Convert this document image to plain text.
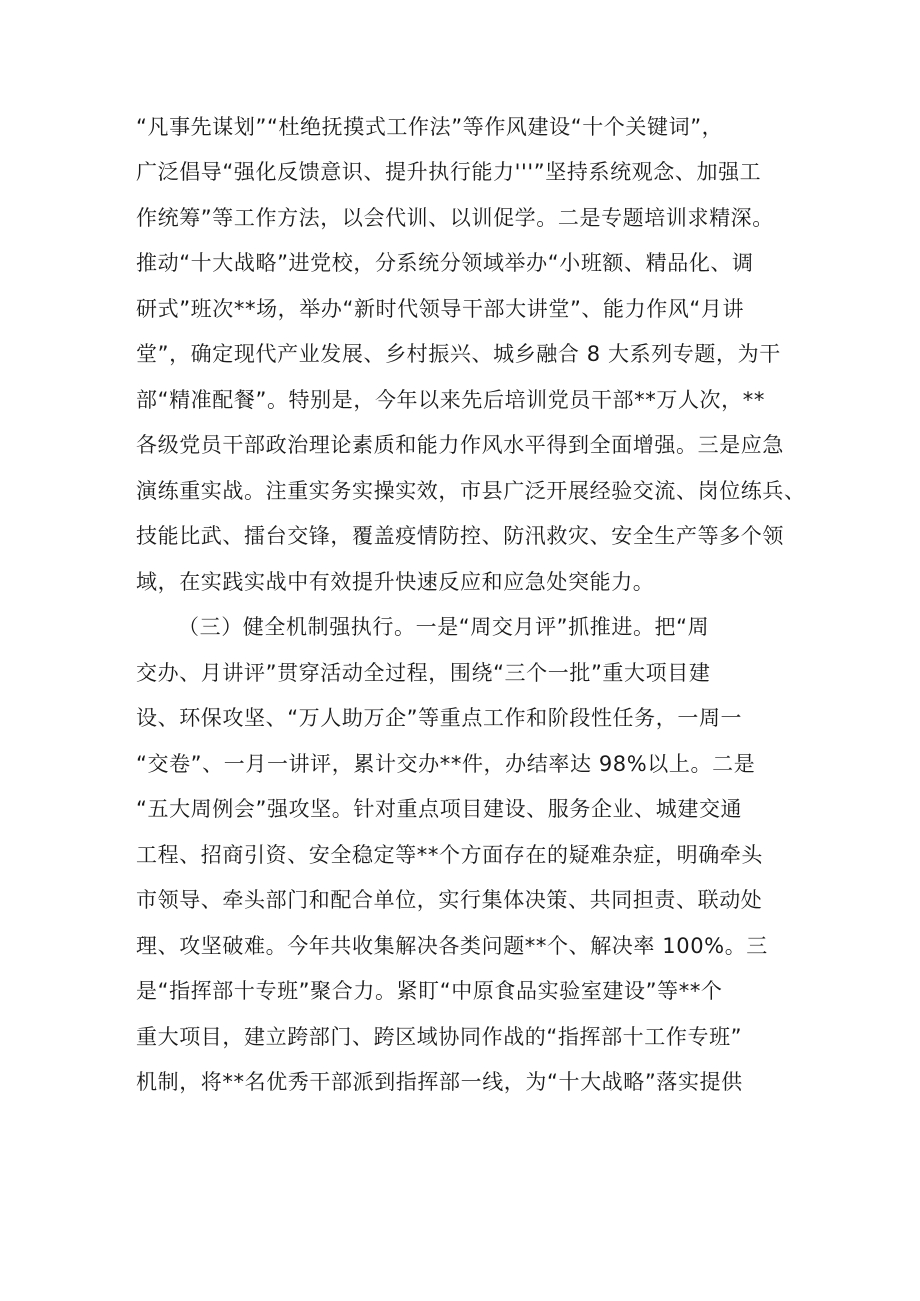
“凡事先谋划”“杜绝抚摸式工作法”等作风建设“十个关键词”，
广泛倡导“强化反馈意识、提升执行能力'''”坚持系统观念、加强工
作统筹”等工作方法，以会代训、以训促学。二是专题培训求精深。
推动“十大战略”进党校，分系统分领域举办“小班额、精品化、调
研式”班次**场，举办“新时代领导干部大讲堂”、能力作风“月讲
堂”，确定现代产业发展、乡村振兴、城乡融合 8 大系列专题，为干
部“精准配餐”。特别是，今年以来先后培训党员干部**万人次，**
各级党员干部政治理论素质和能力作风水平得到全面增强。三是应急
演练重实战。注重实务实操实效，市县广泛开展经验交流、岗位练兵、
技能比武、擂台交锋，覆盖疫情防控、防汛救灾、安全生产等多个领
域，在实践实战中有效提升快速反应和应急处突能力。
（三）健全机制强执行。一是“周交月评”抓推进。把“周
交办、月讲评”贯穿活动全过程，围绕“三个一批”重大项目建
设、环保攻坚、“万人助万企”等重点工作和阶段性任务，一周一
“交卷”、一月一讲评，累计交办**件，办结率达 98%以上。二是
“五大周例会”强攻坚。针对重点项目建设、服务企业、城建交通
工程、招商引资、安全稳定等**个方面存在的疑难杂症，明确牵头
市领导、牵头部门和配合单位，实行集体决策、共同担责、联动处
理、攻坚破难。今年共收集解决各类问题**个、解决率 100%。三
是“指挥部十专班”聚合力。紧盯“中原食品实验室建设”等**个
重大项目，建立跨部门、跨区域协同作战的“指挥部十工作专班”
机制，将**名优秀干部派到指挥部一线，为“十大战略”落实提供
